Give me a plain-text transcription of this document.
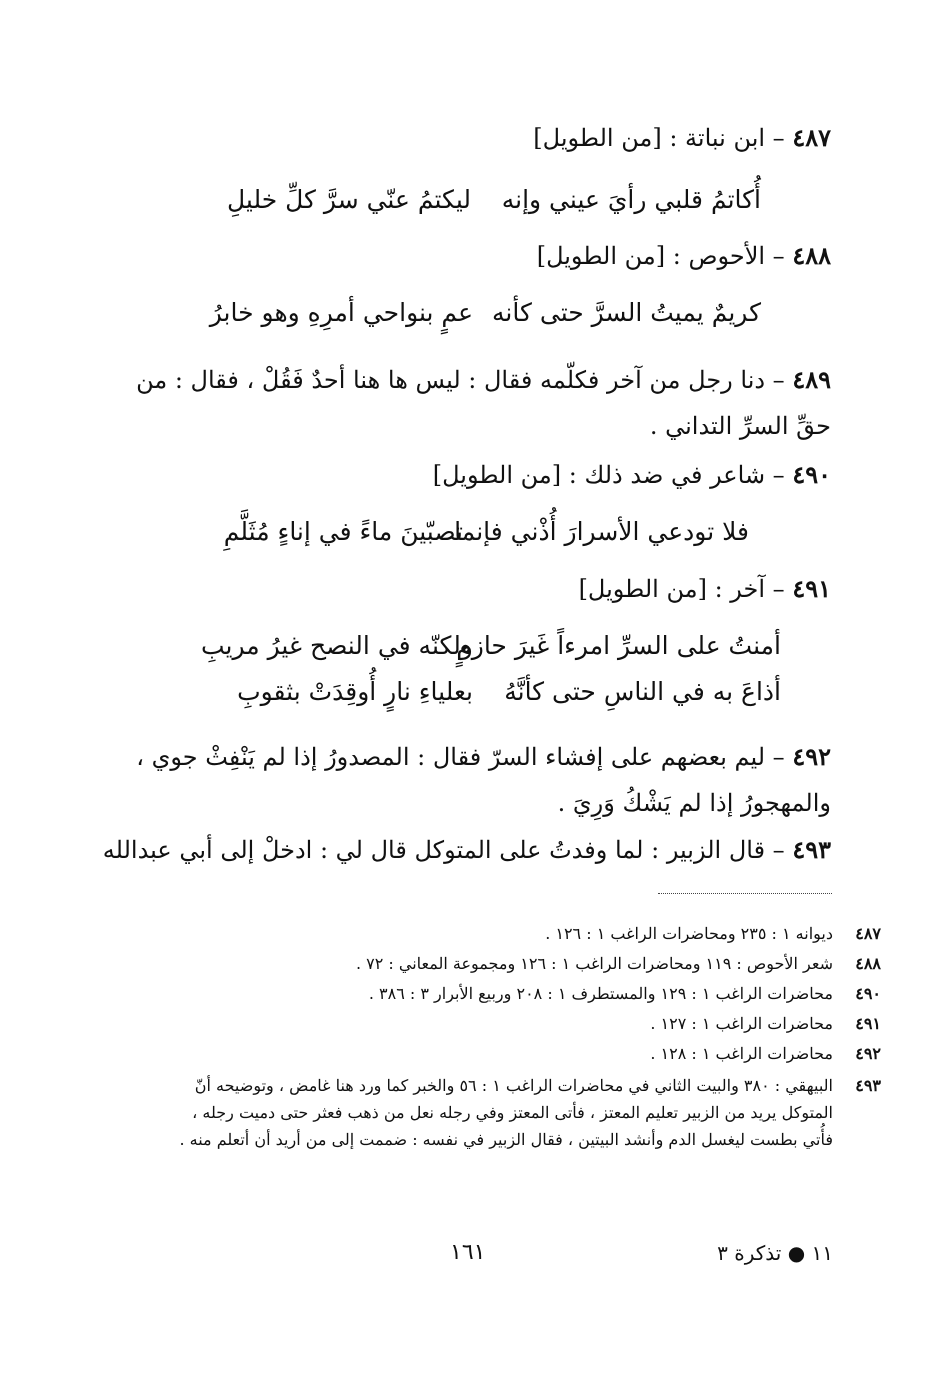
٤٨٧ – ابن نباتة : [من الطويل]
أُكاتمُ قلبي رأيَ عيني وإنه
ليكتمُ عنّي سرَّ كلِّ خليلِ
٤٨٨ – الأحوص : [من الطويل]
كريمٌ يميتُ السرَّ حتى كأنه
عمٍ بنواحي أمرِهِ وهو خابرُ
٤٨٩ – دنا رجل من آخر فكلّمه فقال : ليس ها هنا أحدٌ فَقُلْ ، فقال : من
حقِّ السرِّ التداني .
٤٩٠ – شاعر في ضد ذلك : [من الطويل]
فلا تودعي الأسرارَ أُذْني فإنما
تصبّينَ ماءً في إناءٍ مُثَلَّمِ
٤٩١ – آخر : [من الطويل]
أمنتُ على السرِّ امرءاً غَيرَ حازمٍ
ولكنّه في النصح غيرُ مريبِ
أذاعَ به في الناسِ حتى كأنَّهُ
بعلياءِ نارٍ أُوقِدَتْ بثقوبِ
٤٩٢ – ليم بعضهم على إفشاء السرّ فقال : المصدورُ إذا لم يَنْفِثْ جوي ،
والمهجورُ إذا لم يَشْكُ وَرِيَ .
٤٩٣ – قال الزبير : لما وفدتُ على المتوكل قال لي : ادخلْ إلى أبي عبدالله
٤٨٧
ديوانه ١ : ٢٣٥ ومحاضرات الراغب ١ : ١٢٦ .
٤٨٨
شعر الأحوص : ١١٩ ومحاضرات الراغب ١ : ١٢٦ ومجموعة المعاني : ٧٢ .
٤٩٠
محاضرات الراغب ١ : ١٢٩ والمستطرف ١ : ٢٠٨ وربيع الأبرار ٣ : ٣٨٦ .
٤٩١
محاضرات الراغب ١ : ١٢٧ .
٤٩٢
محاضرات الراغب ١ : ١٢٨ .
٤٩٣
البيهقي : ٣٨٠ والبيت الثاني في محاضرات الراغب ١ : ٥٦ والخبر كما ورد هنا غامض ، وتوضيحه أنّ المتوكل يريد من الزبير تعليم المعتز ، فأتى المعتز وفي رجله نعل من ذهب فعثر حتى دميت رجله ، فأُتي بطست ليغسل الدم وأنشد البيتين ، فقال الزبير في نفسه : ضممت إلى من أريد أن أتعلم منه .
١١ ● تذكرة ٣
١٦١
